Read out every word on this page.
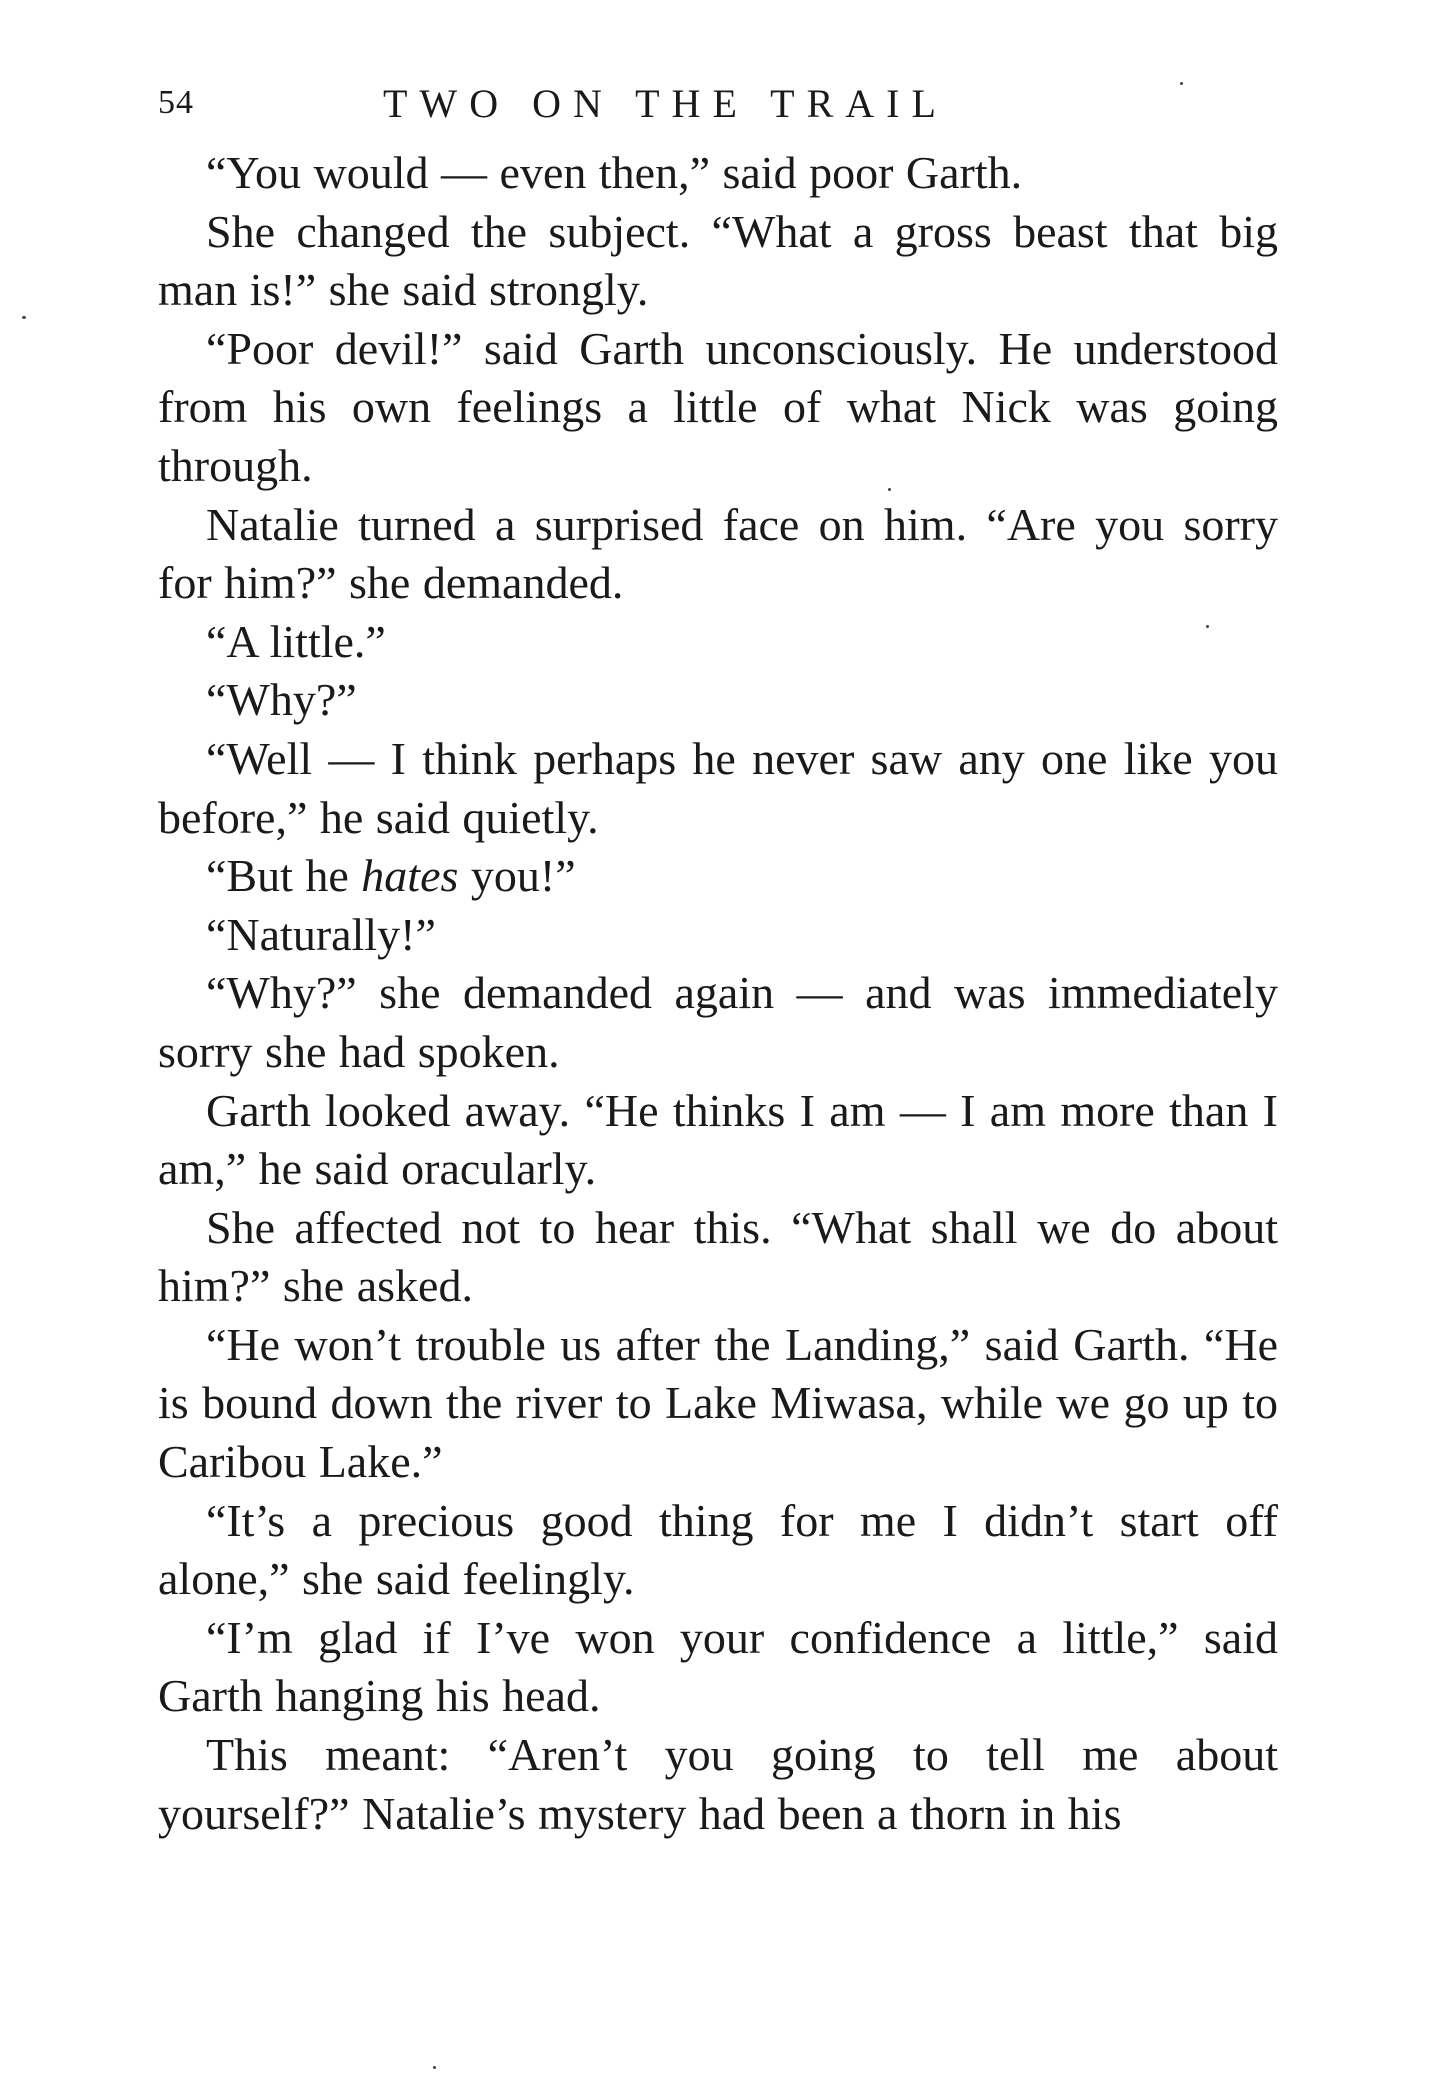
54	TWO ON THE TRAIL

“You would — even then,” said poor Garth.

She changed the subject. “What a gross beast that big man is!” she said strongly.

“Poor devil!” said Garth unconsciously. He understood from his own feelings a little of what Nick was going through.

Natalie turned a surprised face on him. “Are you sorry for him?” she demanded.

“A little.”

“Why?”

“Well — I think perhaps he never saw any one like you before,” he said quietly.

“But he hates you!”

“Naturally!”

“Why?” she demanded again — and was immediately sorry she had spoken.

Garth looked away. “He thinks I am — I am more than I am,” he said oracularly.

She affected not to hear this. “What shall we do about him?” she asked.

“He won’t trouble us after the Landing,” said Garth. “He is bound down the river to Lake Miwasa, while we go up to Caribou Lake.”

“It’s a precious good thing for me I didn’t start off alone,” she said feelingly.

“I’m glad if I’ve won your confidence a little,” said Garth hanging his head.

This meant: “Aren’t you going to tell me about yourself?” Natalie’s mystery had been a thorn in his
